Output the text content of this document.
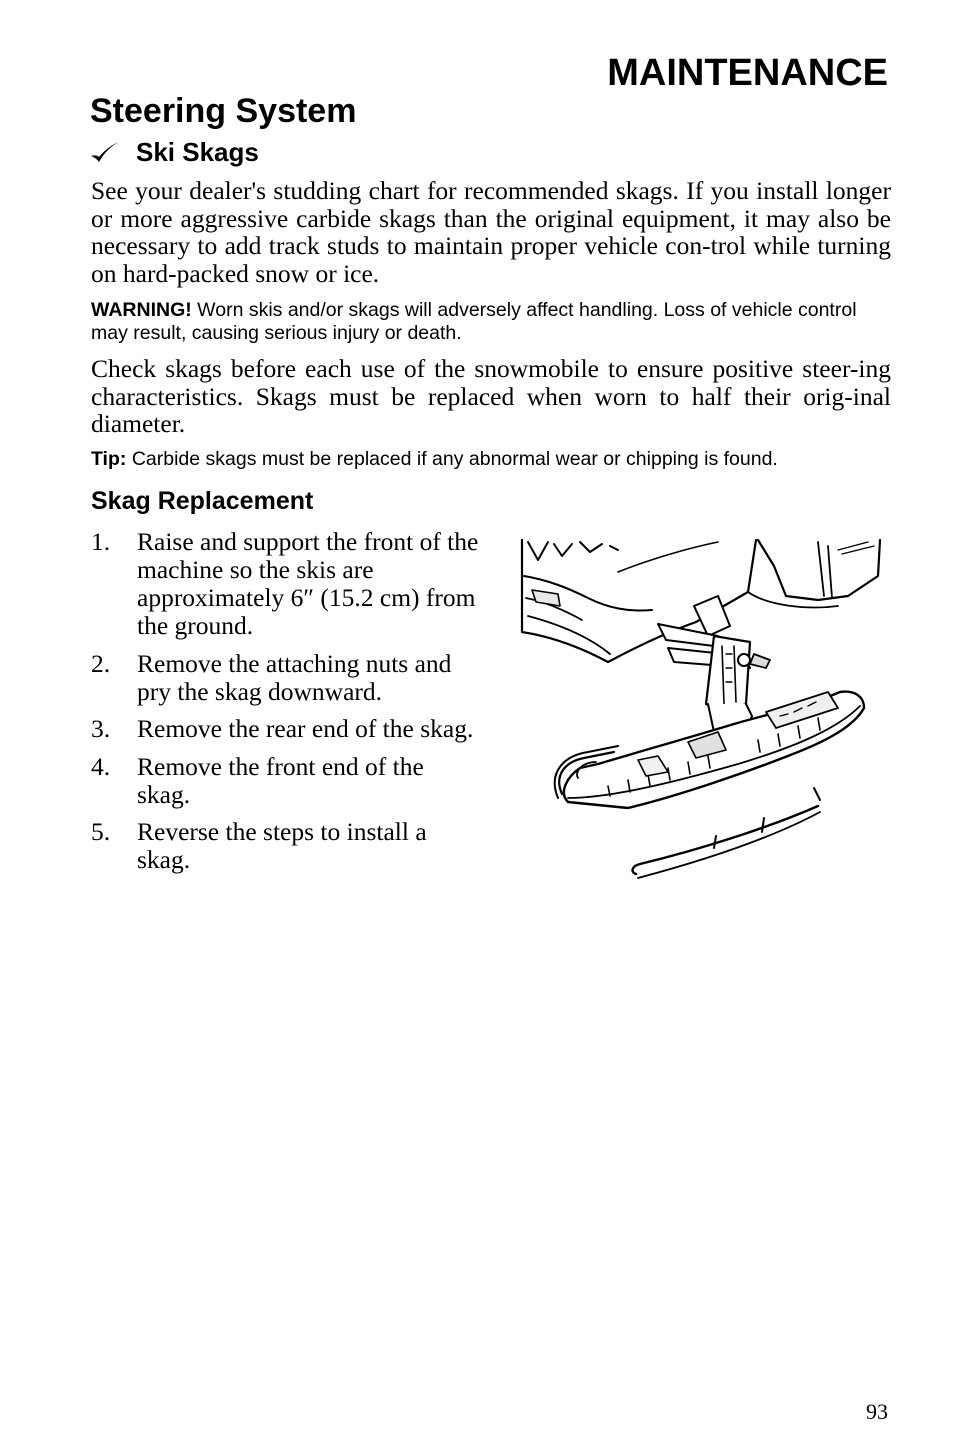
MAINTENANCE
Steering System
Ski Skags

See your dealer's studding chart for recommended skags. If you install longer or more aggressive carbide skags than the original equipment, it may also be necessary to add track studs to maintain proper vehicle con-trol while turning on hard-packed snow or ice.

WARNING! Worn skis and/or skags will adversely affect handling. Loss of vehicle control may result, causing serious injury or death.

Check skags before each use of the snowmobile to ensure positive steer-ing characteristics. Skags must be replaced when worn to half their orig-inal diameter.

Tip: Carbide skags must be replaced if any abnormal wear or chipping is found.

Skag Replacement
1.	Raise and support the front of the machine so the skis are approximately 6″ (15.2 cm) from the ground.
2.	Remove the attaching nuts and pry the skag downward.
3.	Remove the rear end of the skag.
4.	Remove the front end of the skag.
5.	Reverse the steps to install a skag.

93
